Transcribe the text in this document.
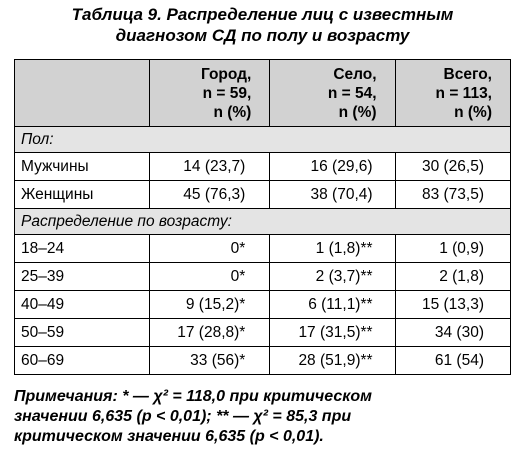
Таблица 9. Распределение лиц с известным
диагнозом СД по полу и возрасту

	Город,
n = 59,
n (%)	Село,
n = 54,
n (%)	Всего,
n = 113,
n (%)

Пол:			
Мужчины	14 (23,7)	16 (29,6)	30 (26,5)
Женщины	45 (76,3)	38 (70,4)	83 (73,5)
Распределение по возрасту:			
18–24	0*	1 (1,8)**	1 (0,9)
25–39	0*	2 (3,7)**	2 (1,8)
40–49	9 (15,2)*	6 (11,1)**	15 (13,3)
50–59	17 (28,8)*	17 (31,5)**	34 (30)
60–69	33 (56)*	28 (51,9)**	61 (54)
Примечания: * — χ² = 118,0 при критическом
значении 6,635 (p < 0,01); ** — χ² = 85,3 при
критическом значении 6,635 (p < 0,01).
